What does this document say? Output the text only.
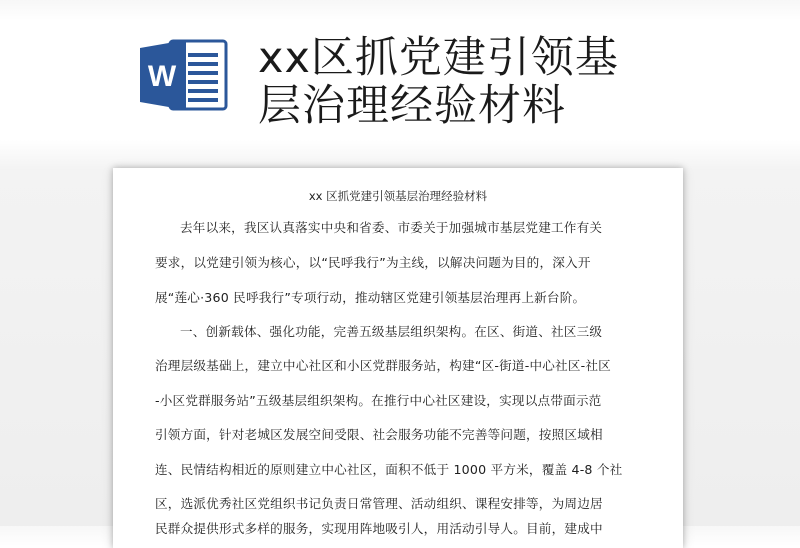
W xx区抓党建引领基
层治理经验材料
xx 区抓党建引领基层治理经验材料
去年以来，我区认真落实中央和省委、市委关于加强城市基层党建工作有关
要求，以党建引领为核心，以“民呼我行”为主线，以解决问题为目的，深入开
展“莲心·360 民呼我行”专项行动，推动辖区党建引领基层治理再上新台阶。
一、创新载体、强化功能，完善五级基层组织架构。在区、街道、社区三级
治理层级基础上，建立中心社区和小区党群服务站，构建“区-街道-中心社区-社区
-小区党群服务站”五级基层组织架构。在推行中心社区建设，实现以点带面示范
引领方面，针对老城区发展空间受限、社会服务功能不完善等问题，按照区域相
连、民情结构相近的原则建立中心社区，面积不低于 1000 平方米，覆盖 4-8 个社
区，选派优秀社区党组织书记负责日常管理、活动组织、课程安排等，为周边居
民群众提供形式多样的服务，实现用阵地吸引人，用活动引导人。目前，建成中
